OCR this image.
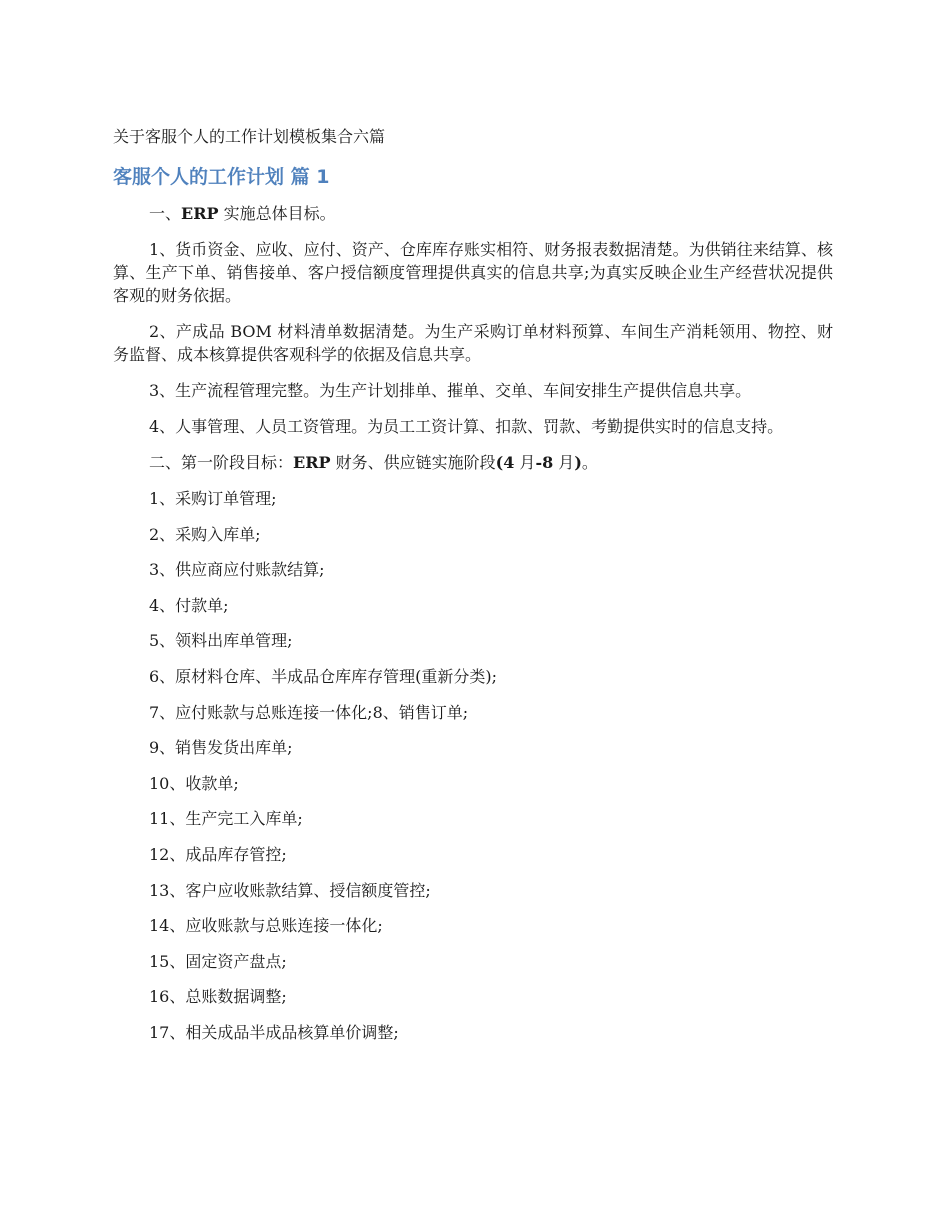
关于客服个人的工作计划模板集合六篇

客服个人的工作计划 篇 1

一、ERP 实施总体目标。

1、货币资金、应收、应付、资产、仓库库存账实相符、财务报表数据清楚。为供销往来结算、核算、生产下单、销售接单、客户授信额度管理提供真实的信息共享;为真实反映企业生产经营状况提供客观的财务依据。

2、产成品 BOM 材料清单数据清楚。为生产采购订单材料预算、车间生产消耗领用、物控、财务监督、成本核算提供客观科学的依据及信息共享。

3、生产流程管理完整。为生产计划排单、摧单、交单、车间安排生产提供信息共享。

4、人事管理、人员工资管理。为员工工资计算、扣款、罚款、考勤提供实时的信息支持。

二、第一阶段目标：ERP 财务、供应链实施阶段(4 月-8 月)。

1、采购订单管理;

2、采购入库单;

3、供应商应付账款结算;

4、付款单;

5、领料出库单管理;

6、原材料仓库、半成品仓库库存管理(重新分类);

7、应付账款与总账连接一体化;8、销售订单;

9、销售发货出库单;

10、收款单;

11、生产完工入库单;

12、成品库存管控;

13、客户应收账款结算、授信额度管控;

14、应收账款与总账连接一体化;

15、固定资产盘点;

16、总账数据调整;

17、相关成品半成品核算单价调整;
